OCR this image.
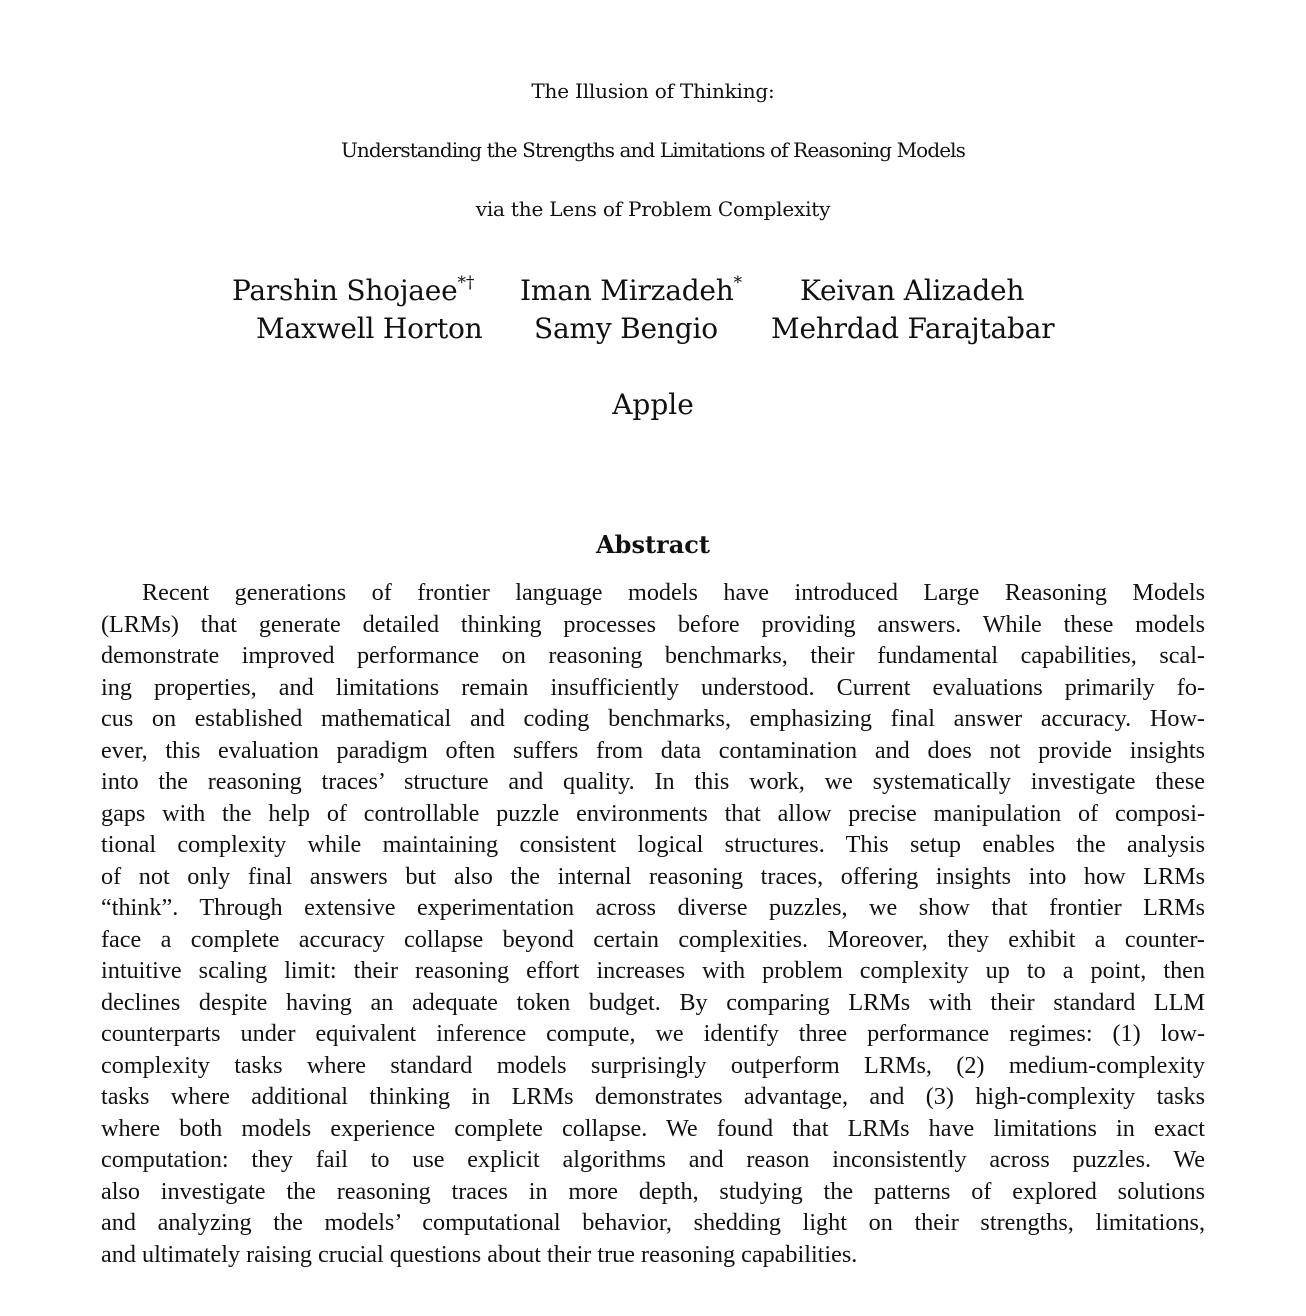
The Illusion of Thinking:
Understanding the Strengths and Limitations of Reasoning Models
via the Lens of Problem Complexity
Parshin Shojaee*† Iman Mirzadeh* Keivan Alizadeh
Maxwell Horton Samy Bengio Mehrdad Farajtabar
Apple
Abstract
Recent generations of frontier language models have introduced Large Reasoning Models
(LRMs) that generate detailed thinking processes before providing answers. While these models
demonstrate improved performance on reasoning benchmarks, their fundamental capabilities, scal-
ing properties, and limitations remain insufficiently understood. Current evaluations primarily fo-
cus on established mathematical and coding benchmarks, emphasizing final answer accuracy. How-
ever, this evaluation paradigm often suffers from data contamination and does not provide insights
into the reasoning traces’ structure and quality. In this work, we systematically investigate these
gaps with the help of controllable puzzle environments that allow precise manipulation of composi-
tional complexity while maintaining consistent logical structures. This setup enables the analysis
of not only final answers but also the internal reasoning traces, offering insights into how LRMs
“think”. Through extensive experimentation across diverse puzzles, we show that frontier LRMs
face a complete accuracy collapse beyond certain complexities. Moreover, they exhibit a counter-
intuitive scaling limit: their reasoning effort increases with problem complexity up to a point, then
declines despite having an adequate token budget. By comparing LRMs with their standard LLM
counterparts under equivalent inference compute, we identify three performance regimes: (1) low-
complexity tasks where standard models surprisingly outperform LRMs, (2) medium-complexity
tasks where additional thinking in LRMs demonstrates advantage, and (3) high-complexity tasks
where both models experience complete collapse. We found that LRMs have limitations in exact
computation: they fail to use explicit algorithms and reason inconsistently across puzzles. We
also investigate the reasoning traces in more depth, studying the patterns of explored solutions
and analyzing the models’ computational behavior, shedding light on their strengths, limitations,
and ultimately raising crucial questions about their true reasoning capabilities.
